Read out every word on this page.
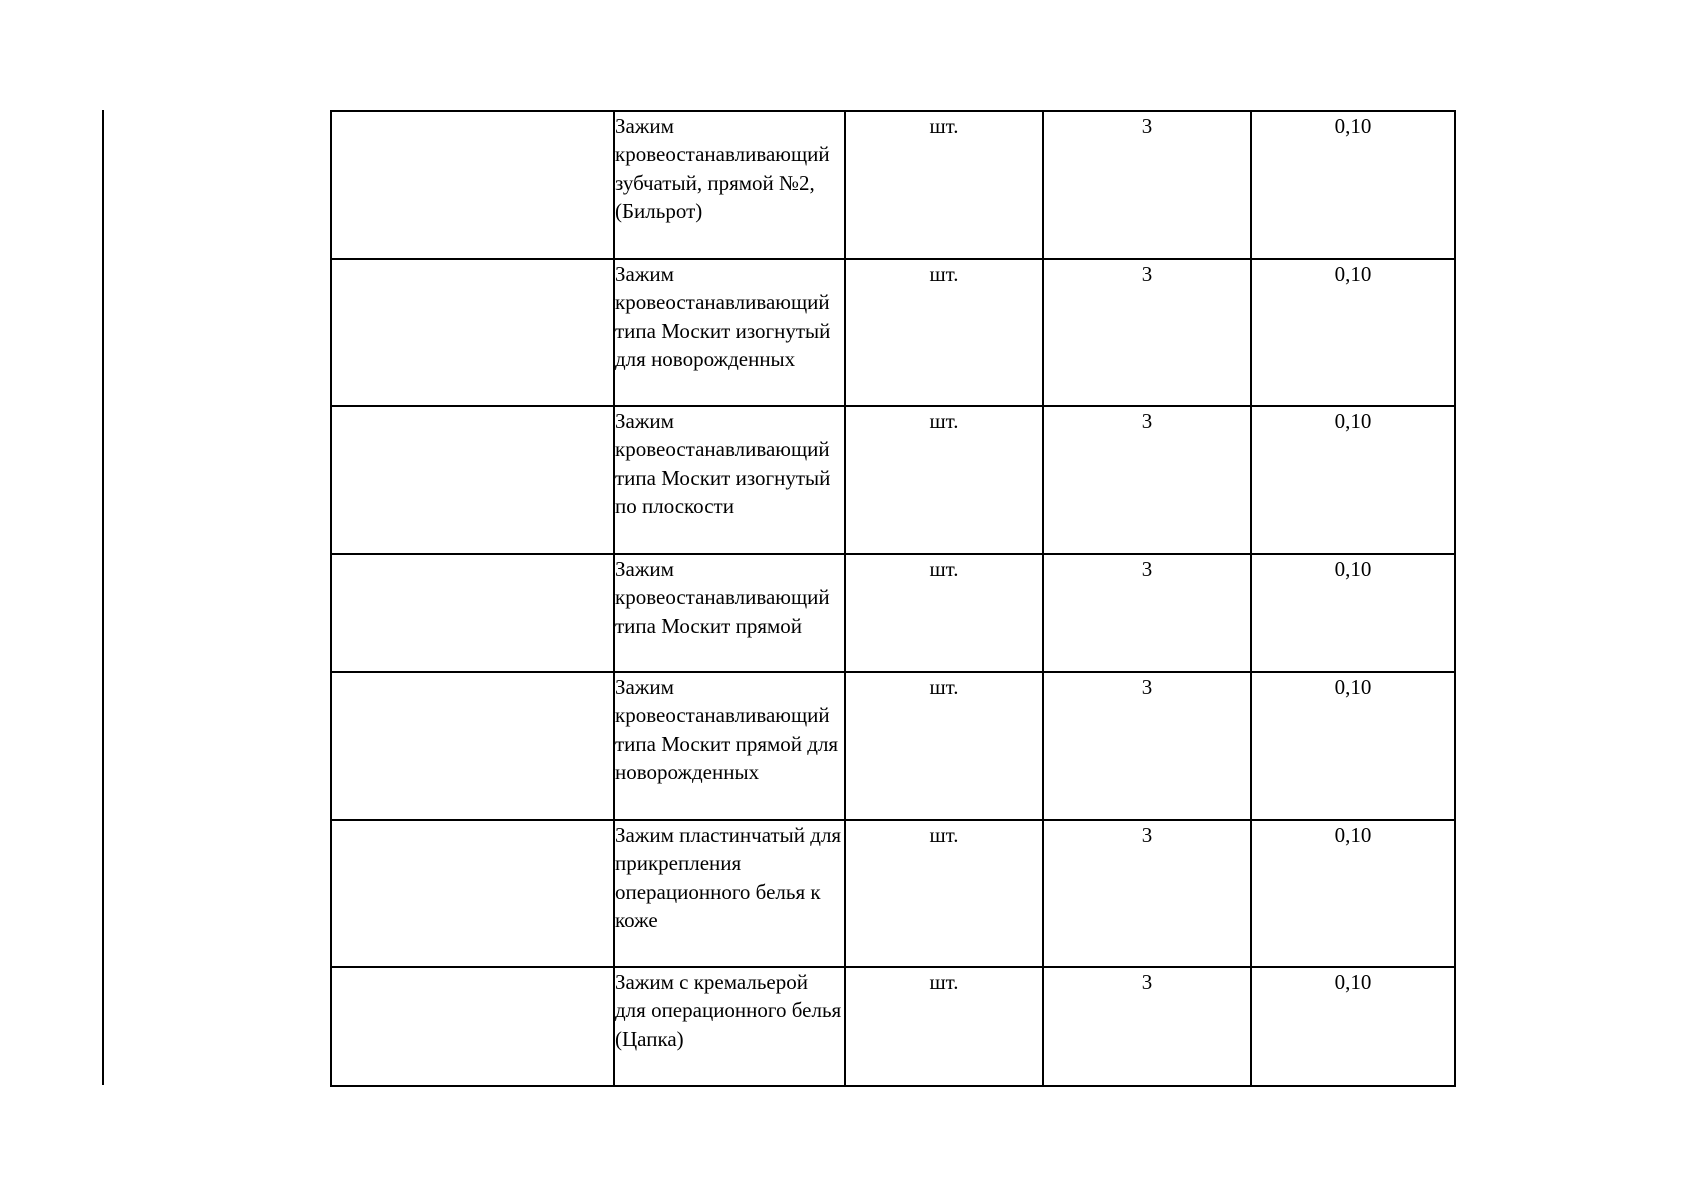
	Зажим кровеостанавливающий зубчатый, прямой №2, (Бильрот)	шт.	3	0,10
	Зажим кровеостанавливающий типа Москит изогнутый для новорожденных	шт.	3	0,10
	Зажим кровеостанавливающий типа Москит изогнутый по плоскости	шт.	3	0,10
	Зажим кровеостанавливающий типа Москит прямой	шт.	3	0,10
	Зажим кровеостанавливающий типа Москит прямой для новорожденных	шт.	3	0,10
	Зажим пластинчатый для прикрепления операционного белья к коже	шт.	3	0,10
	Зажим с кремальерой для операционного белья (Цапка)	шт.	3	0,10
